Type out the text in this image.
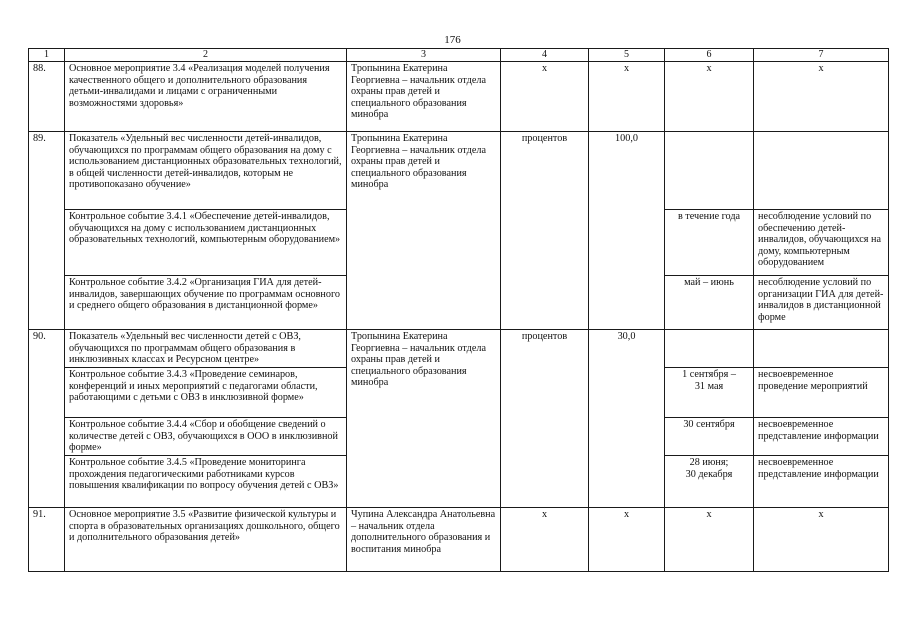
176
1	2	3	4	5	6	7
88.	Основное мероприятие 3.4 «Реализация моделей получения качественного общего и дополнительного образования детьми-инвалидами и лицами с ограниченными возможностями здоровья»	Тропынина Екатерина Георгиевна – начальник отдела охраны прав детей и специального образования минобра	х	х	х	х
89.	Показатель «Удельный вес численности детей-инвалидов, обучающихся по программам общего образования на дому с использованием дистанционных образовательных технологий, в общей численности детей-инвалидов, которым не противопоказано обучение»	Тропынина Екатерина Георгиевна – начальник отдела охраны прав детей и специального образования минобра	процентов	100,0		
	Контрольное событие 3.4.1 «Обеспечение детей-инвалидов, обучающихся на дому с использованием дистанционных образовательных технологий, компьютерным оборудованием»				в течение года	несоблюдение условий по обеспечению детей-инвалидов, обучающихся на дому, компьютерным оборудованием
	Контрольное событие 3.4.2 «Организация ГИА для детей-инвалидов, завершающих обучение по программам основного и среднего общего образования в дистанционной форме»				май – июнь	несоблюдение условий по организации ГИА для детей-инвалидов в дистанционной форме
90.	Показатель «Удельный вес численности детей с ОВЗ, обучающихся по программам общего образования в инклюзивных классах и Ресурсном центре»	Тропынина Екатерина Георгиевна – начальник отдела охраны прав детей и специального образования минобра	процентов	30,0		
	Контрольное событие 3.4.3 «Проведение семинаров, конференций и иных мероприятий с педагогами области, работающими с детьми с ОВЗ в инклюзивной форме»				1 сентября –
31 мая	несвоевременное проведение мероприятий
	Контрольное событие 3.4.4 «Сбор и обобщение сведений о количестве детей с ОВЗ, обучающихся в ООО в инклюзивной форме»				30 сентября	несвоевременное представление информации
	Контрольное событие 3.4.5 «Проведение мониторинга прохождения педагогическими работниками курсов повышения квалификации по вопросу обучения детей с ОВЗ»				28 июня;
30 декабря	несвоевременное представление информации
91.	Основное мероприятие 3.5 «Развитие физической культуры и спорта в образовательных организациях дошкольного, общего и дополнительного образования детей»	Чупина Александра Анатольевна – начальник отдела дополнительного образования и воспитания минобра	х	х	х	х
